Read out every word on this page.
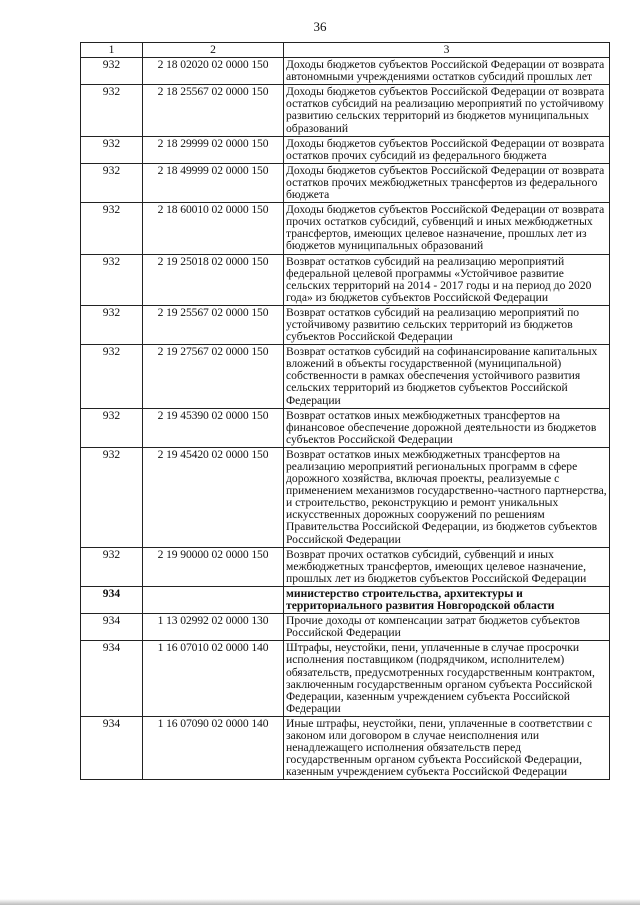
36
1	2	3
932	2 18 02020 02 0000 150	Доходы бюджетов субъектов Российской Федерации от возврата автономными учреждениями остатков субсидий прошлых лет
932	2 18 25567 02 0000 150	Доходы бюджетов субъектов Российской Федерации от возврата остатков субсидий на реализацию мероприятий по устойчивому развитию сельских территорий из бюджетов муниципальных образований
932	2 18 29999 02 0000 150	Доходы бюджетов субъектов Российской Федерации от возврата остатков прочих субсидий из федерального бюджета
932	2 18 49999 02 0000 150	Доходы бюджетов субъектов Российской Федерации от возврата остатков прочих межбюджетных трансфертов из федерального бюджета
932	2 18 60010 02 0000 150	Доходы бюджетов субъектов Российской Федерации от возврата прочих остатков субсидий, субвенций и иных межбюджетных трансфертов, имеющих целевое назначение, прошлых лет из бюджетов муниципальных образований
932	2 19 25018 02 0000 150	Возврат остатков субсидий на реализацию мероприятий федеральной целевой программы «Устойчивое развитие сельских территорий на 2014 - 2017 годы и на период до 2020 года» из бюджетов субъектов Российской Федерации
932	2 19 25567 02 0000 150	Возврат остатков субсидий на реализацию мероприятий по устойчивому развитию сельских территорий из бюджетов субъектов Российской Федерации
932	2 19 27567 02 0000 150	Возврат остатков субсидий на софинансирование капитальных вложений в объекты государственной (муниципальной) собственности в рамках обеспечения устойчивого развития сельских территорий из бюджетов субъектов Российской Федерации
932	2 19 45390 02 0000 150	Возврат остатков иных межбюджетных трансфертов на финансовое обеспечение дорожной деятельности из бюджетов субъектов Российской Федерации
932	2 19 45420 02 0000 150	Возврат остатков иных межбюджетных трансфертов на реализацию мероприятий региональных программ в сфере дорожного хозяйства, включая проекты, реализуемые с применением механизмов государственно-частного партнерства, и строительство, реконструкцию и ремонт уникальных искусственных дорожных сооружений по решениям Правительства Российской Федерации, из бюджетов субъектов Российской Федерации
932	2 19 90000 02 0000 150	Возврат прочих остатков субсидий, субвенций и иных межбюджетных трансфертов, имеющих целевое назначение, прошлых лет из бюджетов субъектов Российской Федерации
934		министерство строительства, архитектуры и территориального развития Новгородской области
934	1 13 02992 02 0000 130	Прочие доходы от компенсации затрат бюджетов субъектов Российской Федерации
934	1 16 07010 02 0000 140	Штрафы, неустойки, пени, уплаченные в случае просрочки исполнения поставщиком (подрядчиком, исполнителем) обязательств, предусмотренных государственным контрактом, заключенным государственным органом субъекта Российской Федерации, казенным учреждением субъекта Российской Федерации
934	1 16 07090 02 0000 140	Иные штрафы, неустойки, пени, уплаченные в соответствии с законом или договором в случае неисполнения или ненадлежащего исполнения обязательств перед государственным органом субъекта Российской Федерации, казенным учреждением субъекта Российской Федерации
